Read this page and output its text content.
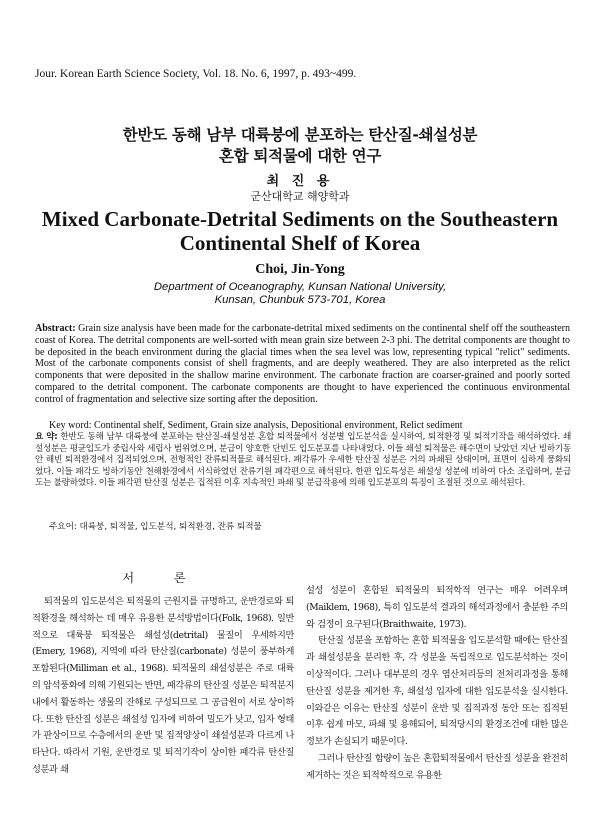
Jour. Korean Earth Science Society, Vol. 18. No. 6, 1997, p. 493~499.
한반도 동해 남부 대륙붕에 분포하는 탄산질-쇄설성분
혼합 퇴적물에 대한 연구
최 진 용
군산대학교 해양학과
Mixed Carbonate-Detrital Sediments on the Southeastern
Continental Shelf of Korea
Choi, Jin-Yong
Department of Oceanography, Kunsan National University,
Kunsan, Chunbuk 573-701, Korea

Abstract: Grain size analysis have been made for the carbonate-detrital mixed sediments on the continental shelf off the southeastern coast of Korea. The detrital components are well-sorted with mean grain size between 2-3 phi. The detrital components are thought to be deposited in the beach environment during the glacial times when the sea level was low, representing typical "relict" sediments. Most of the carbonate components consist of shell fragments, and are deeply weathered. They are also interpreted as the relict components that were deposited in the shallow marine environment. The carbonate fraction are coarser-grained and poorly sorted compared to the detrital component. The carbonate components are thought to have experienced the continuous environmental control of fragmentation and selective size sorting after the deposition.

Key word: Continental shelf, Sediment, Grain size analysis, Depositional environment, Relict sediment

요 약: 한반도 동해 남부 대륙붕에 분포하는 탄산질-쇄설성분 혼합 퇴적물에서 성분별 입도분석을 실시하여, 퇴적환경 및 퇴적기작을 해석하였다. 쇄설성분은 평균입도가 중립사와 세립사 범위였으며, 분급이 양호한 단빈도 입도분포를 나타내었다. 이들 쇄설 퇴적물은 해수면이 낮았던 지난 빙하기동안 해빈 퇴적환경에서 집적되었으며, 전형적인 잔류퇴적물로 해석된다. 패각류가 우세한 탄산질 성분은 거의 파쇄된 상태이며, 표면이 심하게 풍화되었다. 이들 패각도 빙하기동안 천해환경에서 서식하였던 잔류기원 패각편으로 해석된다. 한편 입도특성은 쇄설성 성분에 비하여 다소 조립하며, 분급도는 불량하였다. 이들 패각편 탄산질 성분은 집적된 이후 지속적인 파쇄 및 분급작용에 의해 입도분포의 특징이 조절된 것으로 해석된다.

주요어: 대륙붕, 퇴적물, 입도분석, 퇴적환경, 잔류 퇴적물
서 론

퇴적물의 입도분석은 퇴적물의 근원지를 규명하고, 운반경로와 퇴적환경을 해석하는 데 매우 유용한 분석방법이다(Folk, 1968). 일반적으로 대륙붕 퇴적물은 쇄설성(detrital) 물질이 우세하지만(Emery, 1968), 지역에 따라 탄산질(carbonate) 성분이 풍부하게 포함된다(Milliman et al., 1968). 퇴적물의 쇄설성분은 주로 대륙의 암석풍화에 의해 기원되는 반면, 패각류의 탄산질 성분은 퇴적분지 내에서 활동하는 생물의 잔해로 구성되므로 그 공급원이 서로 상이하다. 또한 탄산질 성분은 쇄설성 입자에 비하여 밀도가 낮고, 입자 형태가 판상이므로 수층에서의 운반 및 집적양상이 쇄설성분과 다르게 나타난다. 따라서 기원, 운반경로 및 퇴적기작이 상이한 패각류 탄산질 성분과 쇄

설성 성분이 혼합된 퇴적물의 퇴적학적 연구는 매우 어려우며(Maiklem, 1968), 특히 입도분석 결과의 해석과정에서 충분한 주의와 검정이 요구된다(Braithwaite, 1973).

탄산질 성분을 포함하는 혼합 퇴적물을 입도분석할 때에는 탄산질과 쇄설성분을 분리한 후, 각 성분을 독립적으로 입도분석하는 것이 이상적이다. 그러나 대부분의 경우 염산처리등의 전처리과정을 통해 탄산질 성분을 제거한 후, 쇄설성 입자에 대한 입도분석을 실시한다. 이와같은 이유는 탄산질 성분이 운반 및 집적과정 동안 또는 집적된 이후 쉽게 마모, 파쇄 및 용해되어, 퇴적당시의 환경조건에 대한 많은 정보가 손실되기 때문이다.

그러나 탄산질 함량이 높은 혼합퇴적물에서 탄산질 성분을 완전히 제거하는 것은 퇴적학적으로 유용한
